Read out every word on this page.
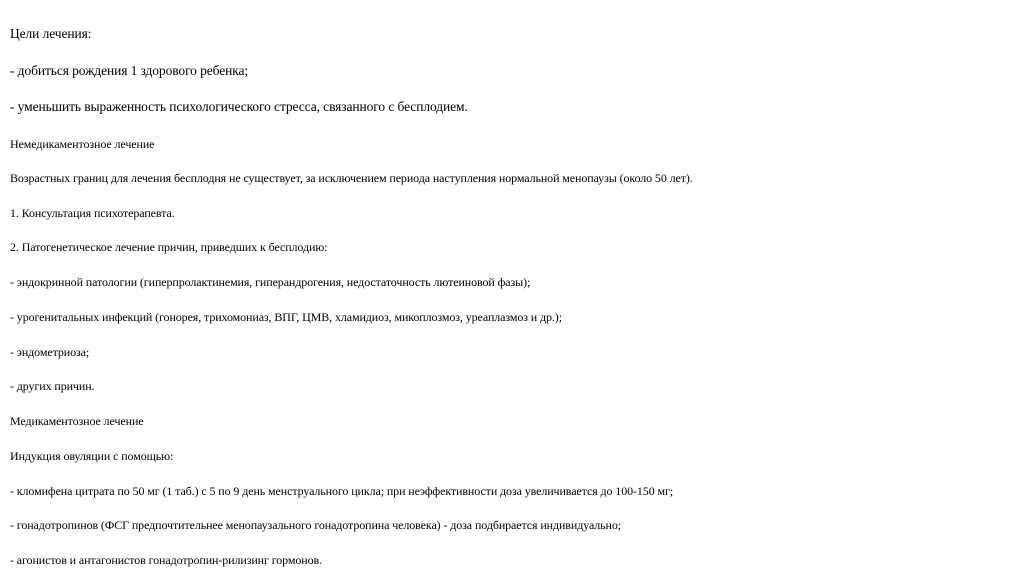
Цели лечения:
- добиться рождения 1 здорового ребенка;
- уменьшить выраженность психологического стресса, связанного с бесплодием.
Немедикаментозное лечение
Возрастных границ для лечения бесплодня не существует, за исключением периода наступления нормальной менопаузы (около 50 лет).
1. Консультация психотерапевта.
2. Патогенетическое лечение причин, приведших к бесплодию:
- эндокринной патологии (гиперпролактинемия, гиперандрогения, недостаточность лютеиновой фазы);
- урогенитальных инфекций (гонорея, трихомониаз, ВПГ, ЦМВ, хламидиоз, микоплозмоз, уреаплазмоз и др.);
- эндометриоза;
- других причин.
Медикаментозное лечение
Индукция овуляции с помощью:
- кломифена цитрата по 50 мг (1 таб.) с 5 по 9 день менструального цикла; при неэффективности доза увеличивается до 100-150 мг;
- гонадотропинов (ФСГ предпочтительнее менопаузального гонадотропина человека) - доза подбирается индивидуально;
- агонистов и антагонистов гонадотропин-рилизинг гормонов.
